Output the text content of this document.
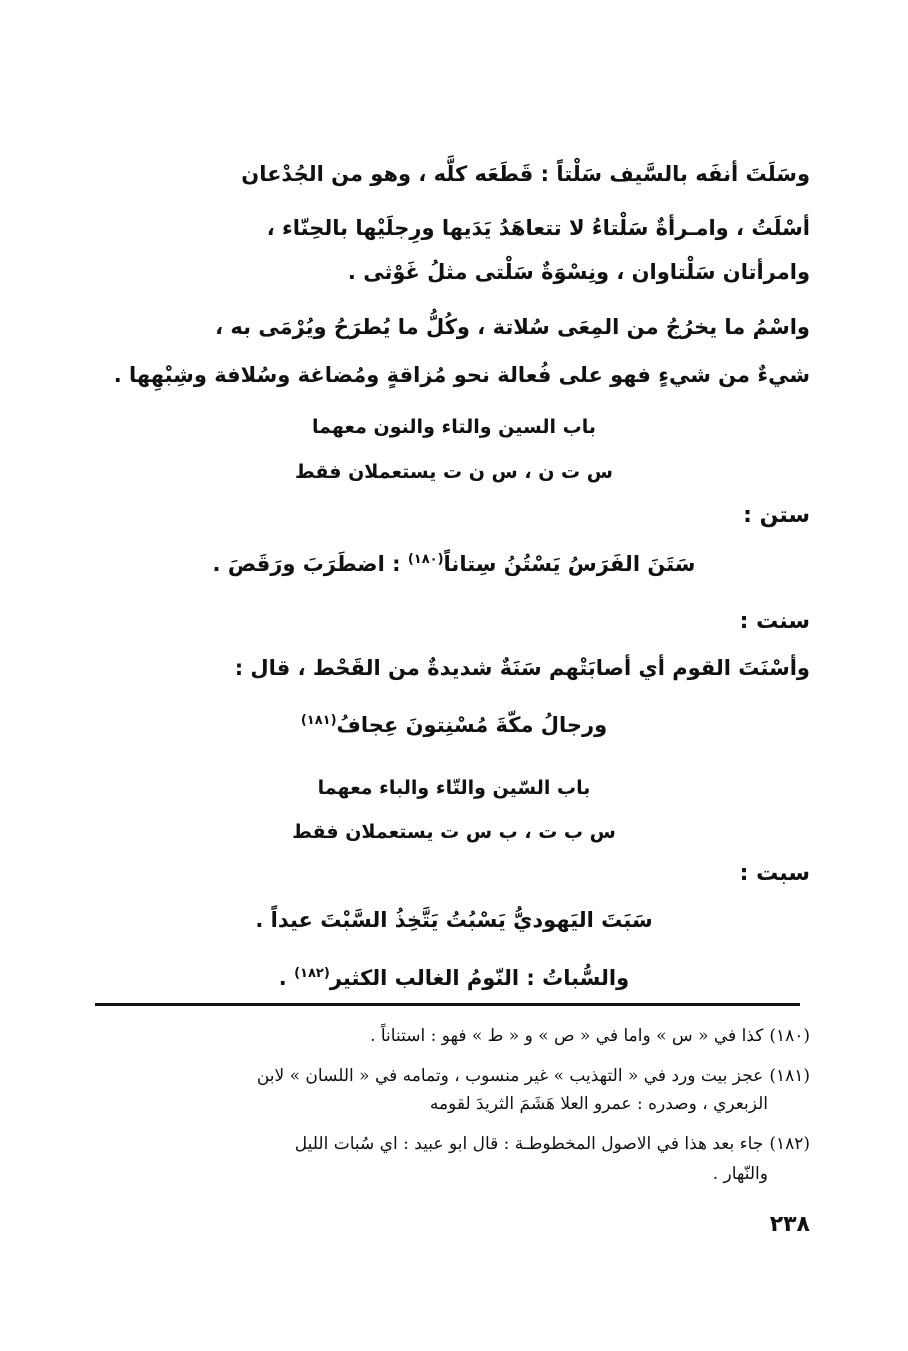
وسَلَتَ أنفَه بالسَّيف سَلْتاً : قَطَعَه كلَّه ، وهو من الجُدْعان
أسْلَتُ ، وامـرأةٌ سَلْتاءُ لا تتعاهَدُ يَدَيها ورِجلَيْها بالحِنّاء ،
وامرأتان سَلْتاوان ، ونِسْوَةٌ سَلْتى مثلُ غَوْثى .
واسْمُ ما يخرُجُ من المِعَى سُلاتة ، وكُلُّ ما يُطرَحُ ويُرْمَى به ،
شيءٌ من شيءٍ فهو على فُعالة نحو مُزاقةٍ ومُضاغة وسُلافة وشِبْهِها .
باب السين والتاء والنون معهما
س ت ن ، س ن ت يستعملان فقط
ستن :
سَتَنَ الفَرَسُ يَسْتُنُ سِتاناً$^{(١٨٠)}$ : اضطَرَبَ ورَقَصَ .
سنت :
وأسْنَتَ القوم أي أصابَتْهم سَنَةٌ شديدةٌ من القَحْط ، قال :
ورجالُ مكّةَ مُسْنِتونَ عِجافُ$^{(١٨١)}$
باب السّين والتّاء والباء معهما
س ب ت ، ب س ت يستعملان فقط
سبت :
سَبَتَ اليَهوديُّ يَسْبُتُ يَتَّخِذُ السَّبْتَ عيداً .
والسُّباتُ : النّومُ الغالب الكثير$^{(١٨٢)}$ .
(١٨٠)كذا في « س » واما في « ص » و « ط » فهو : استناناً .
(١٨١)عجز بيت ورد في « التهذيب » غير منسوب ، وتمامه في « اللسان » لابن
الزبعري ، وصدره : عمرو العلا هَشَمَ الثريدَ لقومه
(١٨٢)جاء بعد هذا في الاصول المخطوطـة : قال ابو عبيد : اي سُبات الليل
والنّهار .
٢٣٨
